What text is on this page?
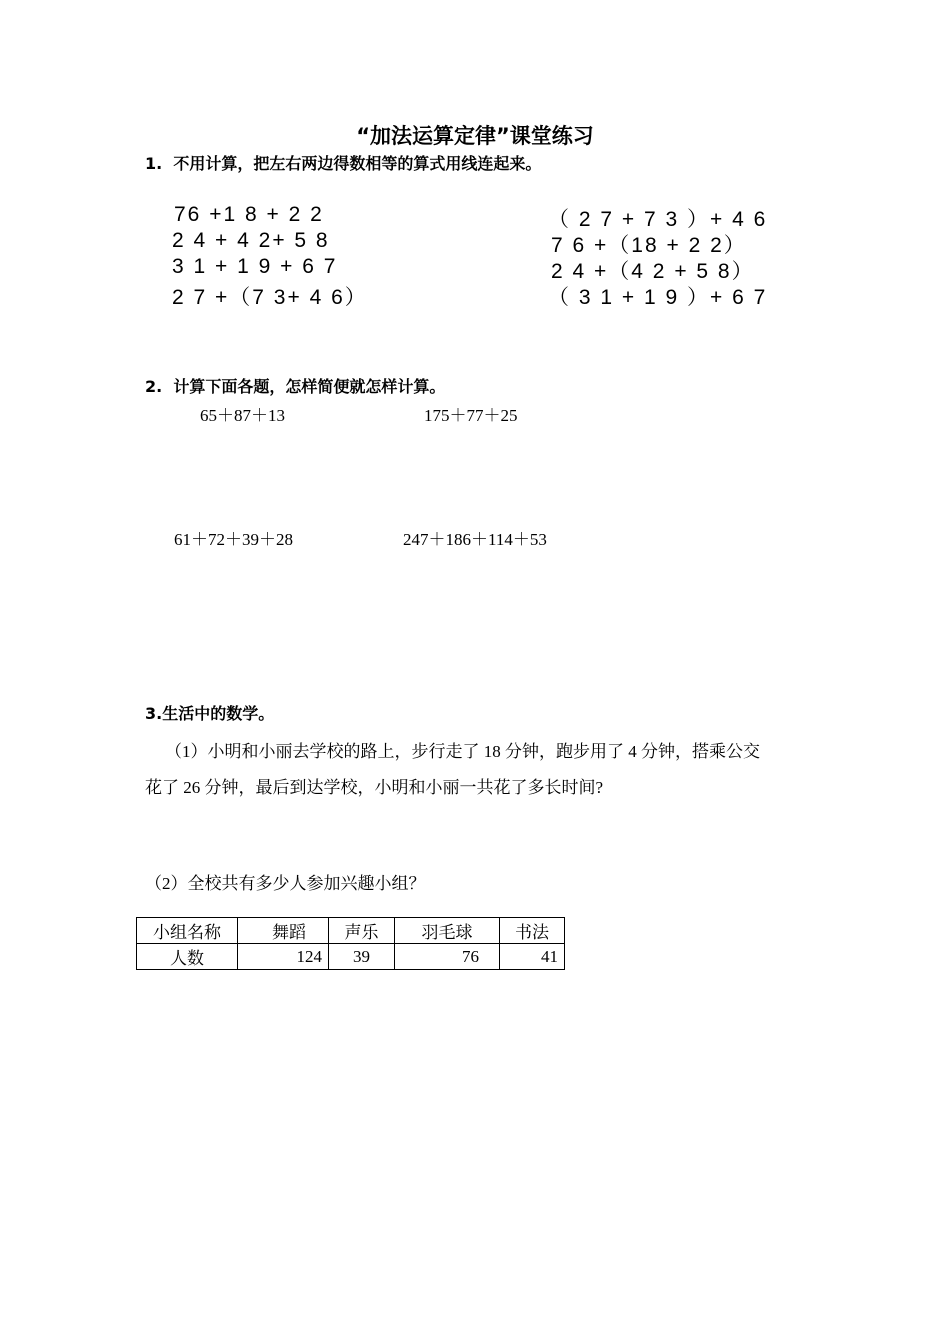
“加法运算定律”课堂练习
1.  不用计算，把左右两边得数相等的算式用线连起来。
76 +1 8 + 2 2
2 4 + 4 2+ 5 8
3 1 + 1 9 + 6 7
2 7 +（7 3+ 4 6）
（ 2 7 + 7 3 ）+ 4 6
7 6 +（18 + 2 2）
2 4 +（4 2 + 5 8）
（ 3 1 + 1 9 ）+ 6 7
2.  计算下面各题，怎样简便就怎样计算。
65＋87＋13	175＋77＋25
61＋72＋39＋28	247＋186＋114＋53
3.生活中的数学。
（1）小明和小丽去学校的路上，步行走了 18 分钟，跑步用了 4 分钟，搭乘公交
花了 26 分钟，最后到达学校，小明和小丽一共花了多长时间?
（2）全校共有多少人参加兴趣小组？
小组名称	舞蹈	声乐	羽毛球	书法
人数	124	39	76	41
